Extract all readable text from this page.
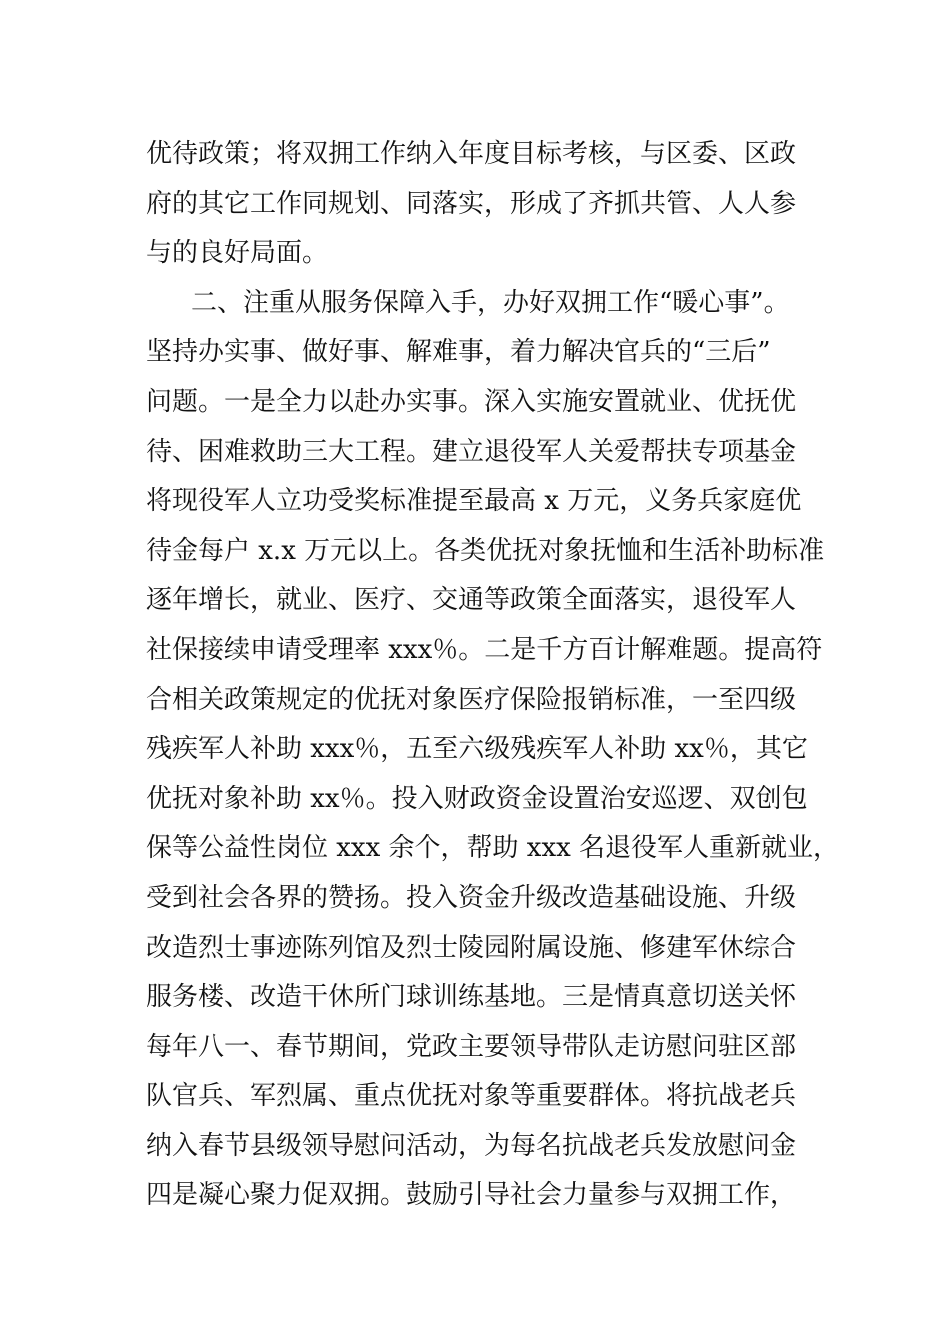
优待政策；将双拥工作纳入年度目标考核，与区委、区政
府的其它工作同规划、同落实，形成了齐抓共管、人人参
与的良好局面。
二、注重从服务保障入手，办好双拥工作“暖心事”。
坚持办实事、做好事、解难事，着力解决官兵的“三后”
问题。一是全力以赴办实事。深入实施安置就业、优抚优
待、困难救助三大工程。建立退役军人关爱帮扶专项基金
将现役军人立功受奖标准提至最高 x 万元，义务兵家庭优
待金每户 x.x 万元以上。各类优抚对象抚恤和生活补助标准
逐年增长，就业、医疗、交通等政策全面落实，退役军人
社保接续申请受理率 xxx％。二是千方百计解难题。提高符
合相关政策规定的优抚对象医疗保险报销标准，一至四级
残疾军人补助 xxx％，五至六级残疾军人补助 xx％，其它
优抚对象补助 xx％。投入财政资金设置治安巡逻、双创包
保等公益性岗位 xxx 余个，帮助 xxx 名退役军人重新就业，
受到社会各界的赞扬。投入资金升级改造基础设施、升级
改造烈士事迹陈列馆及烈士陵园附属设施、修建军休综合
服务楼、改造干休所门球训练基地。三是情真意切送关怀
每年八一、春节期间，党政主要领导带队走访慰问驻区部
队官兵、军烈属、重点优抚对象等重要群体。将抗战老兵
纳入春节县级领导慰问活动，为每名抗战老兵发放慰问金
四是凝心聚力促双拥。鼓励引导社会力量参与双拥工作，
